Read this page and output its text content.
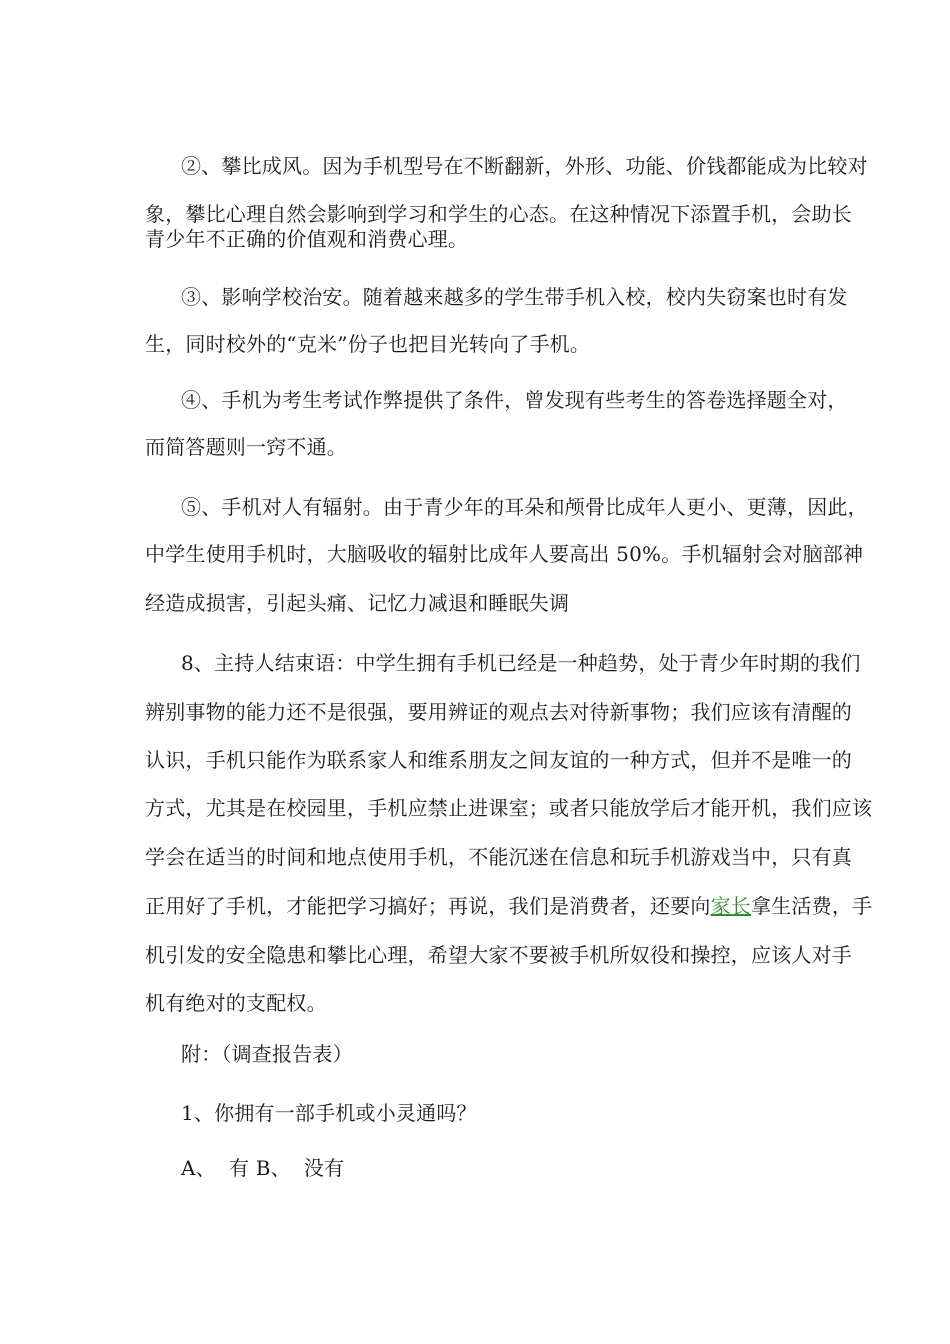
②、攀比成风。因为手机型号在不断翻新，外形、功能、价钱都能成为比较对
象，攀比心理自然会影响到学习和学生的心态。在这种情况下添置手机，会助长
青少年不正确的价值观和消费心理。
③、影响学校治安。随着越来越多的学生带手机入校，校内失窃案也时有发
生，同时校外的“克米”份子也把目光转向了手机。
④、手机为考生考试作弊提供了条件，曾发现有些考生的答卷选择题全对，
而简答题则一窍不通。
⑤、手机对人有辐射。由于青少年的耳朵和颅骨比成年人更小、更薄，因此，
中学生使用手机时，大脑吸收的辐射比成年人要高出 50%。手机辐射会对脑部神
经造成损害，引起头痛、记忆力减退和睡眠失调
8、主持人结束语：中学生拥有手机已经是一种趋势，处于青少年时期的我们
辨别事物的能力还不是很强，要用辨证的观点去对待新事物；我们应该有清醒的
认识，手机只能作为联系家人和维系朋友之间友谊的一种方式，但并不是唯一的
方式，尤其是在校园里，手机应禁止进课室；或者只能放学后才能开机，我们应该
学会在适当的时间和地点使用手机，不能沉迷在信息和玩手机游戏当中，只有真
正用好了手机，才能把学习搞好；再说，我们是消费者，还要向家长拿生活费，手
机引发的安全隐患和攀比心理，希望大家不要被手机所奴役和操控，应该人对手
机有绝对的支配权。
附：（调查报告表）
1、你拥有一部手机或小灵通吗？
A、  有 B、  没有
